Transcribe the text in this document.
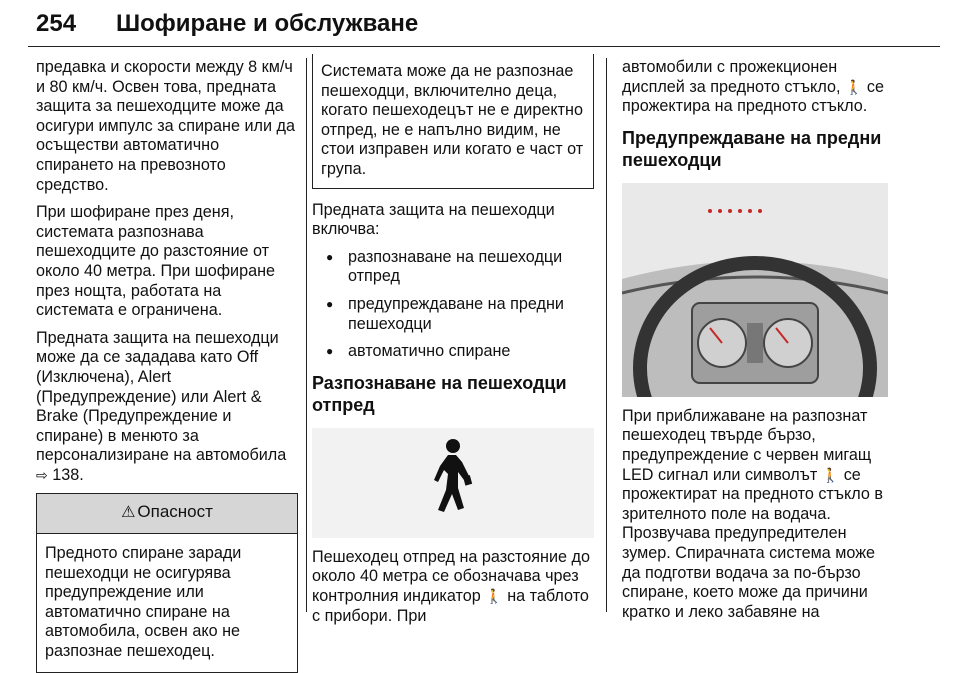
254 Шофиране и обслужване

предавка и скорости между 8 км/ч и 80 км/ч. Освен това, предната защита за пешеходците може да осигури импулс за спиране или да осъществи автоматично спирането на превозното средство.

При шофиране през деня, системата разпознава пешеходците до разстояние от около 40 метра. При шофиране през нощта, работата на системата е ограничена.

Предната защита на пешеходци може да се зададава като Off (Изключена), Alert (Предупреждение) или Alert & Brake (Предупреждение и спиране) в менюто за персонализиране на автомобила ⇨ 138.

⚠ Опасност
Предното спиране заради пешеходци не осигурява предупреждение или автоматично спиране на автомобила, освен ако не разпознае пешеходец.
Системата може да не разпознае пешеходци, включително деца, когато пешеходецът не е директно отпред, не е напълно видим, не стои изправен или когато е част от група.

Предната защита на пешеходци включва:

● разпознаване на пешеходци отпред
● предупреждаване на предни пешеходци
● автоматично спиране
Разпознаване на пешеходци отпред

Пешеходец отпред на разстояние до около 40 метра се обозначава чрез контролния индикатор 🚶 на таблото с прибори. При

автомобили с прожекционен дисплей за предното стъкло, 🚶 се прожектира на предното стъкло.

Предупреждаване на предни пешеходци

При приближаване на разпознат пешеходец твърде бързо, предупреждение с червен мигащ LED сигнал или символът 🚶 се прожектират на предното стъкло в зрителното поле на водача. Прозвучава предупредителен зумер. Спирачната система може да подготви водача за по-бързо спиране, което може да причини кратко и леко забавяне на
